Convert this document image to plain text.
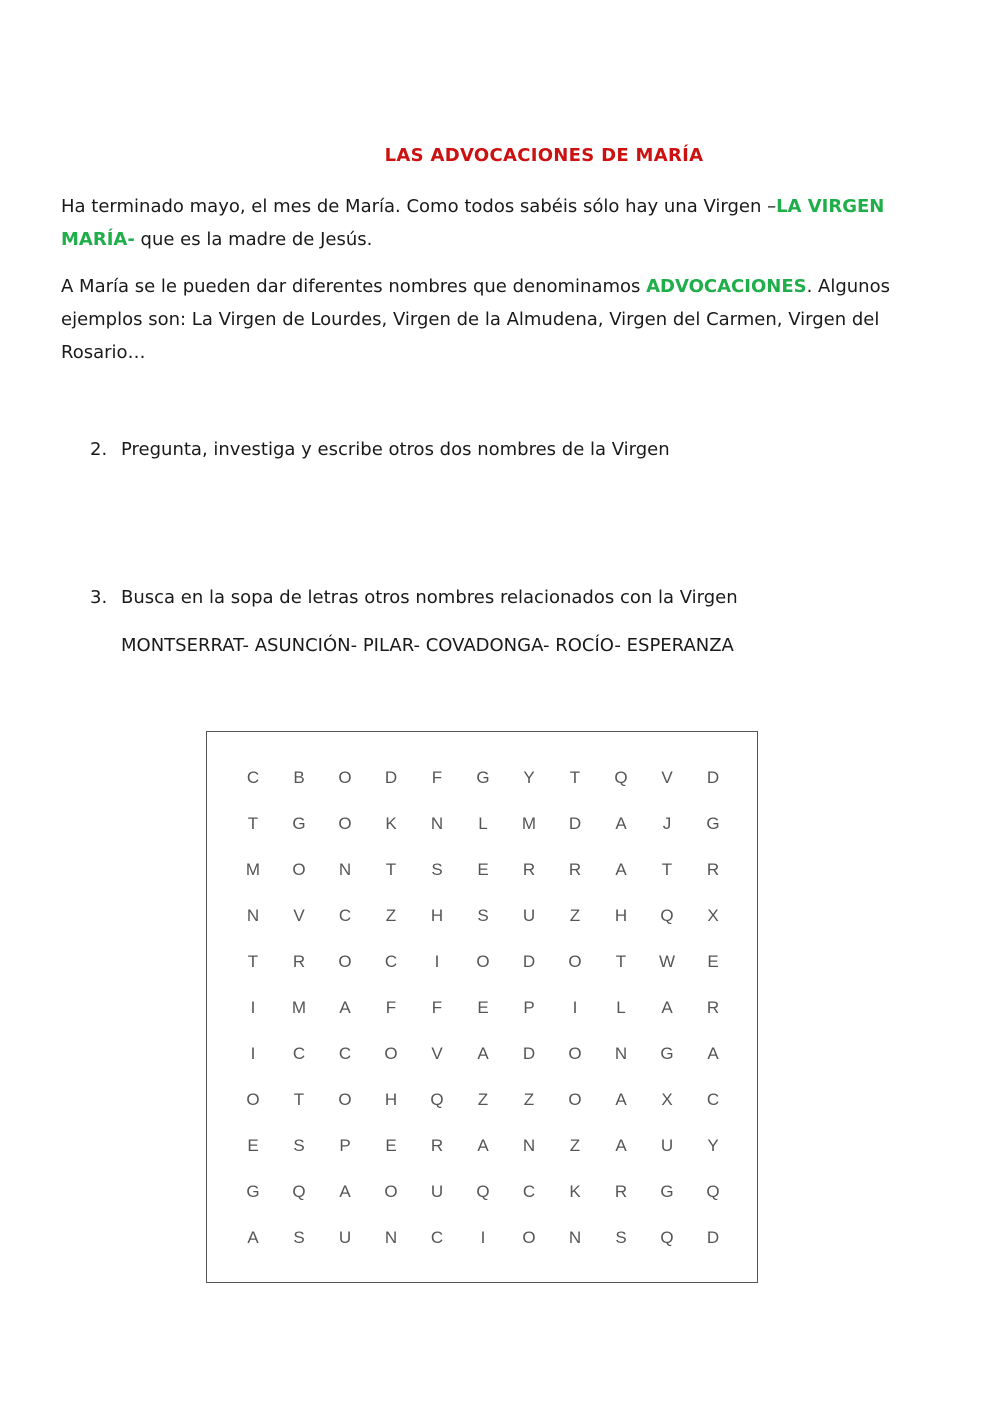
LAS ADVOCACIONES DE MARÍA

Ha terminado mayo, el mes de María. Como todos sabéis sólo hay una Virgen –LA VIRGEN MARÍA- que es la madre de Jesús.

A María se le pueden dar diferentes nombres que denominamos ADVOCACIONES. Algunos ejemplos son: La Virgen de Lourdes, Virgen de la Almudena, Virgen del Carmen, Virgen del Rosario…

2. Pregunta, investiga y escribe otros dos nombres de la Virgen
3. Busca en la sopa de letras otros nombres relacionados con la Virgen
MONTSERRAT- ASUNCIÓN- PILAR- COVADONGA- ROCÍO- ESPERANZA
C	B	O	D	F	G	Y	T	Q	V	D
T	G	O	K	N	L	M	D	A	J	G
M	O	N	T	S	E	R	R	A	T	R
N	V	C	Z	H	S	U	Z	H	Q	X
T	R	O	C	I	O	D	O	T	W	E
I	M	A	F	F	E	P	I	L	A	R
I	C	C	O	V	A	D	O	N	G	A
O	T	O	H	Q	Z	Z	O	A	X	C
E	S	P	E	R	A	N	Z	A	U	Y
G	Q	A	O	U	Q	C	K	R	G	Q
A	S	U	N	C	I	O	N	S	Q	D
